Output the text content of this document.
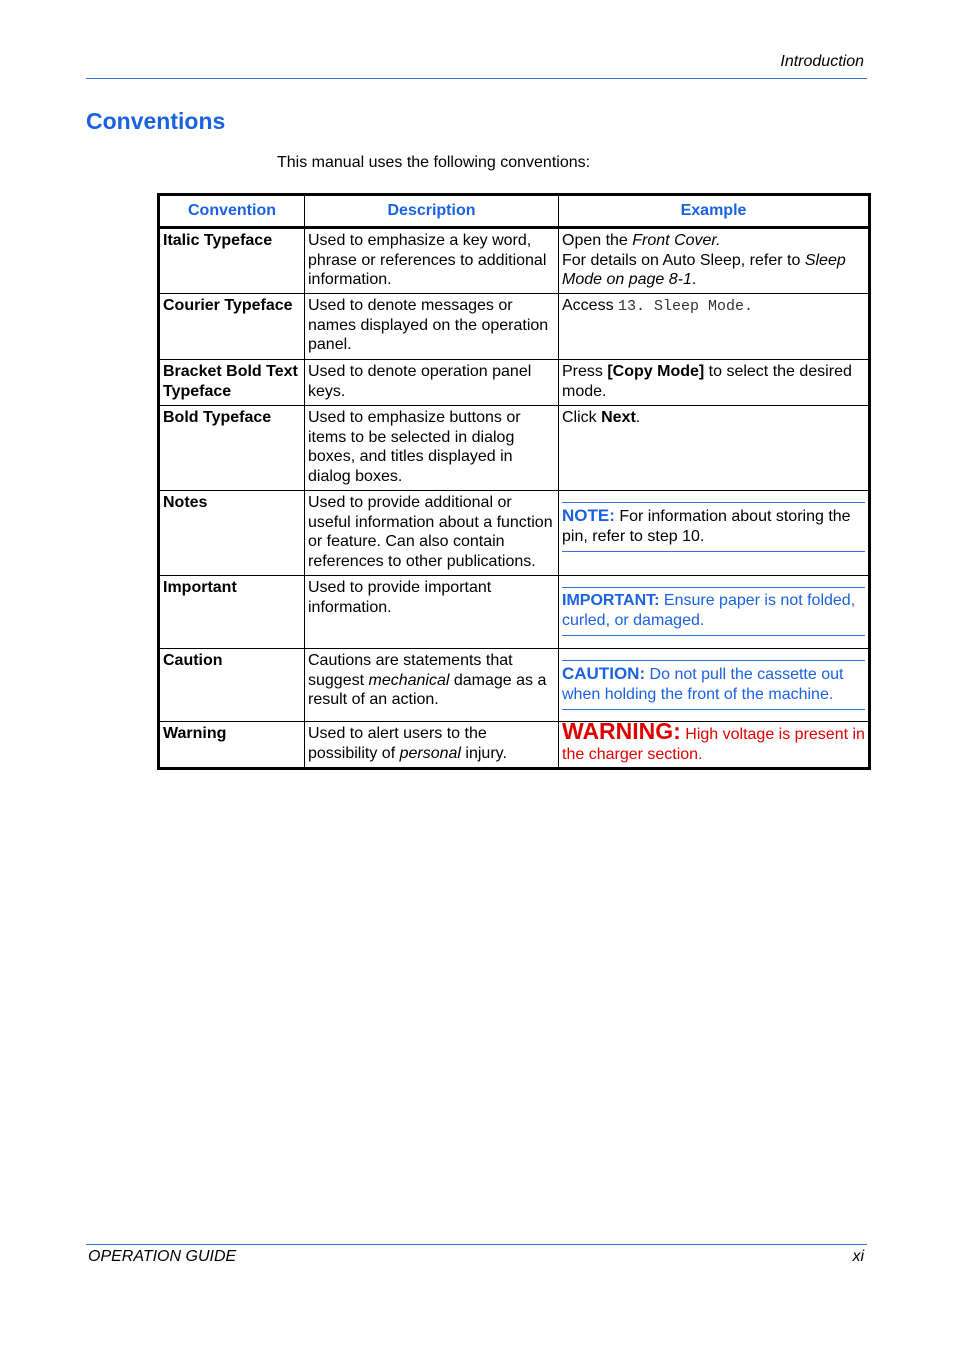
Introduction
Conventions
This manual uses the following conventions:
Convention	Description	Example
Italic Typeface	Used to emphasize a key word, phrase or references to additional information.	Open the Front Cover.
For details on Auto Sleep, refer to Sleep Mode on page 8-1.
Courier Typeface	Used to denote messages or names displayed on the operation panel.	Access 13. Sleep Mode.
Bracket Bold Text Typeface	Used to denote operation panel keys.	Press [Copy Mode] to select the desired mode.
Bold Typeface	Used to emphasize buttons or items to be selected in dialog boxes, and titles displayed in dialog boxes.	Click Next.
Notes	Used to provide additional or useful information about a function or feature. Can also contain references to other publications.	NOTE: For information about storing the pin, refer to step 10.

Important	Used to provide important information.	IMPORTANT: Ensure paper is not folded, curled, or damaged.

Caution	Cautions are statements that suggest mechanical damage as a result of an action.	CAUTION: Do not pull the cassette out when holding the front of the machine.

Warning	Used to alert users to the possibility of personal injury.	WARNING: High voltage is present in the charger section.
OPERATION GUIDE	xi
